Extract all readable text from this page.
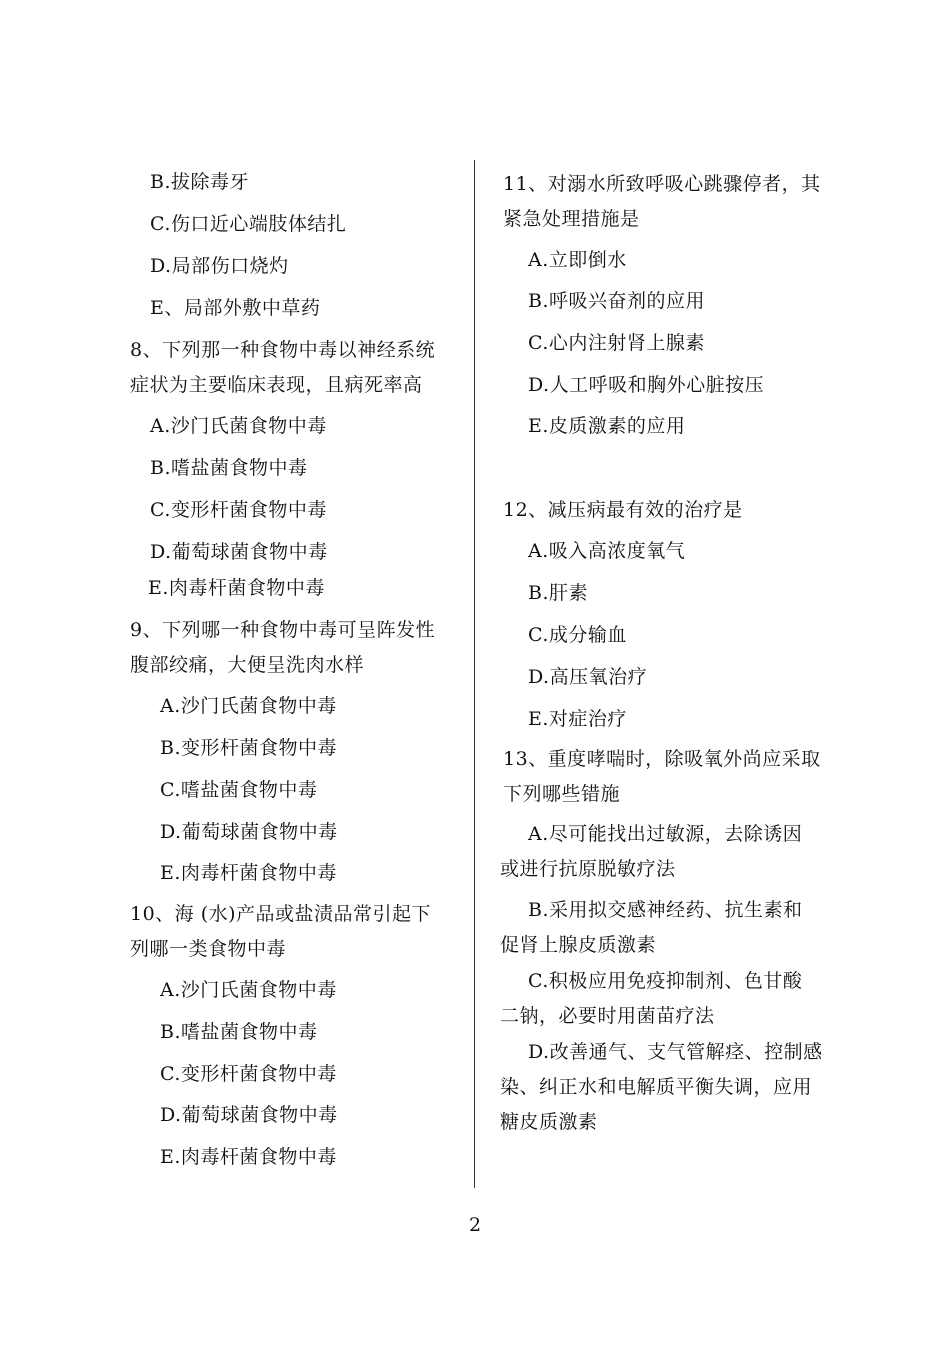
B.拔除毒牙
C.伤口近心端肢体结扎
D.局部伤口烧灼
E、局部外敷中草药
8、下列那一种食物中毒以神经系统
症状为主要临床表现，且病死率高
A.沙门氏菌食物中毒
B.嗜盐菌食物中毒
C.变形杆菌食物中毒
D.葡萄球菌食物中毒
E.肉毒杆菌食物中毒
9、下列哪一种食物中毒可呈阵发性
腹部绞痛，大便呈洗肉水样
A.沙门氏菌食物中毒
B.变形杆菌食物中毒
C.嗜盐菌食物中毒
D.葡萄球菌食物中毒
E.肉毒杆菌食物中毒
10、海 (水)产品或盐渍品常引起下
列哪一类食物中毒
A.沙门氏菌食物中毒
B.嗜盐菌食物中毒
C.变形杆菌食物中毒
D.葡萄球菌食物中毒
E.肉毒杆菌食物中毒
11、对溺水所致呼吸心跳骤停者，其
紧急处理措施是
A.立即倒水
B.呼吸兴奋剂的应用
C.心内注射肾上腺素
D.人工呼吸和胸外心脏按压
E.皮质激素的应用
12、减压病最有效的治疗是
A.吸入高浓度氧气
B.肝素
C.成分输血
D.高压氧治疗
E.对症治疗
13、重度哮喘时，除吸氧外尚应采取
下列哪些错施
A.尽可能找出过敏源，去除诱因
或进行抗原脱敏疗法
B.采用拟交感神经药、抗生素和
促肾上腺皮质激素
C.积极应用免疫抑制剂、色甘酸
二钠，必要时用菌苗疗法
D.改善通气、支气管解痉、控制感
染、纠正水和电解质平衡失调，应用
糖皮质激素
2
